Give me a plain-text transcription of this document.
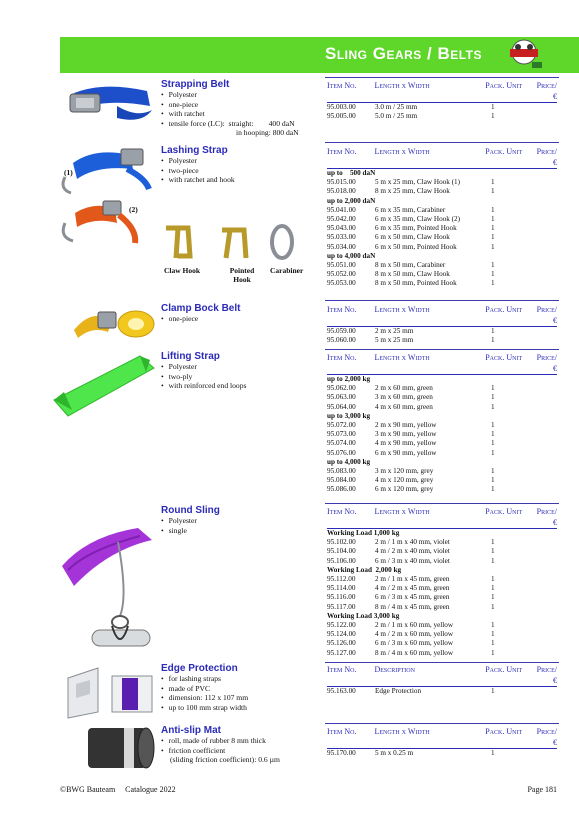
Sling Gears / Belts
Strapping Belt
• Polyester
• one-piece
• with ratchet
• tensile force (LC):  straight:        400 daN
in hooping: 800 daN
Item No.	Length x Width	Pack. Unit	Price/€
95.003.00	3.0 m / 25 mm	1
95.005.00	5.0 m / 25 mm	1
(1)
(2)
Claw Hook	Pointed Hook
Carabiner
Lashing Strap
• Polyester
• two-piece
• with ratchet and hook
Item No.	Length x Width	Pack. Unit	Price/€
up to    500 daN
95.015.00	5 m x 25 mm, Claw Hook (1)	1
95.018.00	8 m x 25 mm, Claw Hook	1
up to 2,000 daN
95.041.00	6 m x 35 mm, Carabiner	1
95.042.00	6 m x 35 mm, Claw Hook (2)	1
95.043.00	6 m x 35 mm, Pointed Hook	1
95.033.00	6 m x 50 mm, Claw Hook	1
95.034.00	6 m x 50 mm, Pointed Hook	1
up to 4,000 daN
95.051.00	8 m x 50 mm, Carabiner	1
95.052.00	8 m x 50 mm, Claw Hook	1
95.053.00	8 m x 50 mm, Pointed Hook	1
Clamp Bock Belt
• one-piece
Item No.	Length x Width	Pack. Unit	Price/€
95.059.00	2 m x 25 mm	1
95.060.00	5 m x 25 mm	1
Lifting Strap
• Polyester
• two-ply
• with reinforced end loops
Item No.	Length x Width	Pack. Unit	Price/€
up to 2,000 kg
95.062.00	2 m x 60 mm, green	1
95.063.00	3 m x 60 mm, green	1
95.064.00	4 m x 60 mm, green	1
up to 3,000 kg
95.072.00	2 m x 90 mm, yellow	1
95.073.00	3 m x 90 mm, yellow	1
95.074.00	4 m x 90 mm, yellow	1
95.076.00	6 m x 90 mm, yellow	1
up to 4,000 kg
95.083.00	3 m x 120 mm, grey	1
95.084.00	4 m x 120 mm, grey	1
95.086.00	6 m x 120 mm, grey	1
Round Sling
• Polyester
• single
Item No.	Length x Width	Pack. Unit	Price/€
Working Load 1,000 kg
95.102.00	2 m / 1 m x 40 mm, violet	1
95.104.00	4 m / 2 m x 40 mm, violet	1
95.106.00	6 m / 3 m x 40 mm, violet	1
Working Load  2,000 kg
95.112.00	2 m / 1 m x 45 mm, green	1
95.114.00	4 m / 2 m x 45 mm, green	1
95.116.00	6 m / 3 m x 45 mm, green	1
95.117.00	8 m / 4 m x 45 mm, green	1
Working Load 3,000 kg
95.122.00	2 m / 1 m x 60 mm, yellow	1
95.124.00	4 m / 2 m x 60 mm, yellow	1
95.126.00	6 m / 3 m x 60 mm, yellow	1
95.127.00	8 m / 4 m x 60 mm, yellow	1
Edge Protection
• for lashing straps
• made of PVC
• dimension: 112 x 107 mm
• up to 100 mm strap width
Item No.	Description	Pack. Unit	Price/€
95.163.00	Edge Protection	1
Anti-slip Mat
• roll, made of rubber 8 mm thick
• friction coefficient
(sliding friction coefficient): 0.6 µm
Item No.	Length x Width	Pack. Unit	Price/€
95.170.00	5 m x 0.25 m	1
©BWG Bauteam     Catalogue 2022	Page 181
